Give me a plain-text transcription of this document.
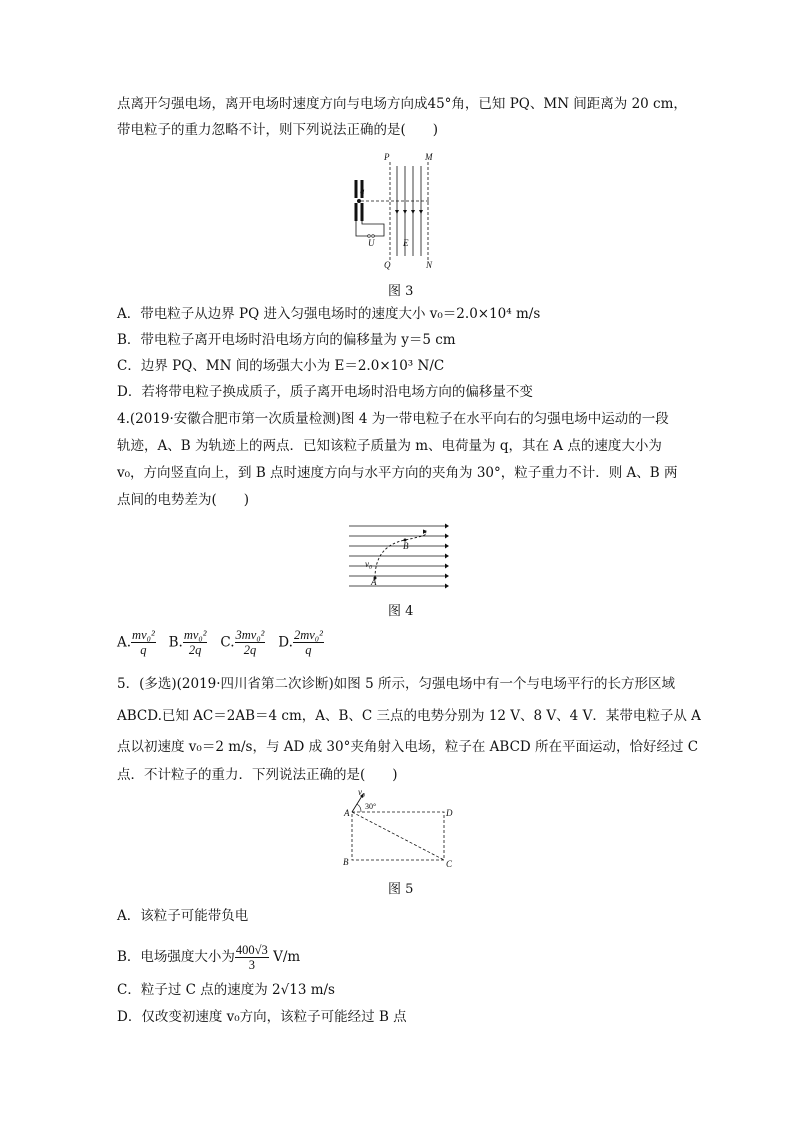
点离开匀强电场，离开电场时速度方向与电场方向成45°角，已知 PQ、MN 间距离为 20 cm，
带电粒子的重力忽略不计，则下列说法正确的是(　　)
a
P	M
Q	N
U	E
图 3
A．带电粒子从边界 PQ 进入匀强电场时的速度大小 v₀＝2.0×10⁴ m/s
B．带电粒子离开电场时沿电场方向的偏移量为 y＝5 cm
C．边界 PQ、MN 间的场强大小为 E＝2.0×10³ N/C
D．若将带电粒子换成质子，质子离开电场时沿电场方向的偏移量不变
4.(2019·安徽合肥市第一次质量检测)图 4 为一带电粒子在水平向右的匀强电场中运动的一段
轨迹，A、B 为轨迹上的两点．已知该粒子质量为 m、电荷量为 q，其在 A 点的速度大小为
v₀，方向竖直向上，到 B 点时速度方向与水平方向的夹角为 30°，粒子重力不计．则 A、B 两
点间的电势差为(　　)
A
B
v₀
图 4
A. $\frac{\text{mv₀²}}{q} B$. $\frac{\text{mv₀²}}{2q} C$. $\frac{\text{3mv₀²}}{2q} D$. $\frac{\text{2mv₀²}}{q}$
5．(多选)(2019·四川省第二次诊断)如图 5 所示，匀强电场中有一个与电场平行的长方形区域
ABCD.已知 AC＝2AB＝4 cm，A、B、C 三点的电势分别为 12 V、8 V、4 V．某带电粒子从 A
点以初速度 v₀＝2 m/s，与 AD 成 30°夹角射入电场，粒子在 ABCD 所在平面运动，恰好经过 C
点．不计粒子的重力．下列说法正确的是(　　)
A
B	C
D
v₀
30°
图 5
A．该粒子可能带负电
B．电场强度大小为 $\frac{400√3}{3} V/m$
C．粒子过 C 点的速度为 2√13 m/s
D．仅改变初速度 v₀方向，该粒子可能经过 B 点
